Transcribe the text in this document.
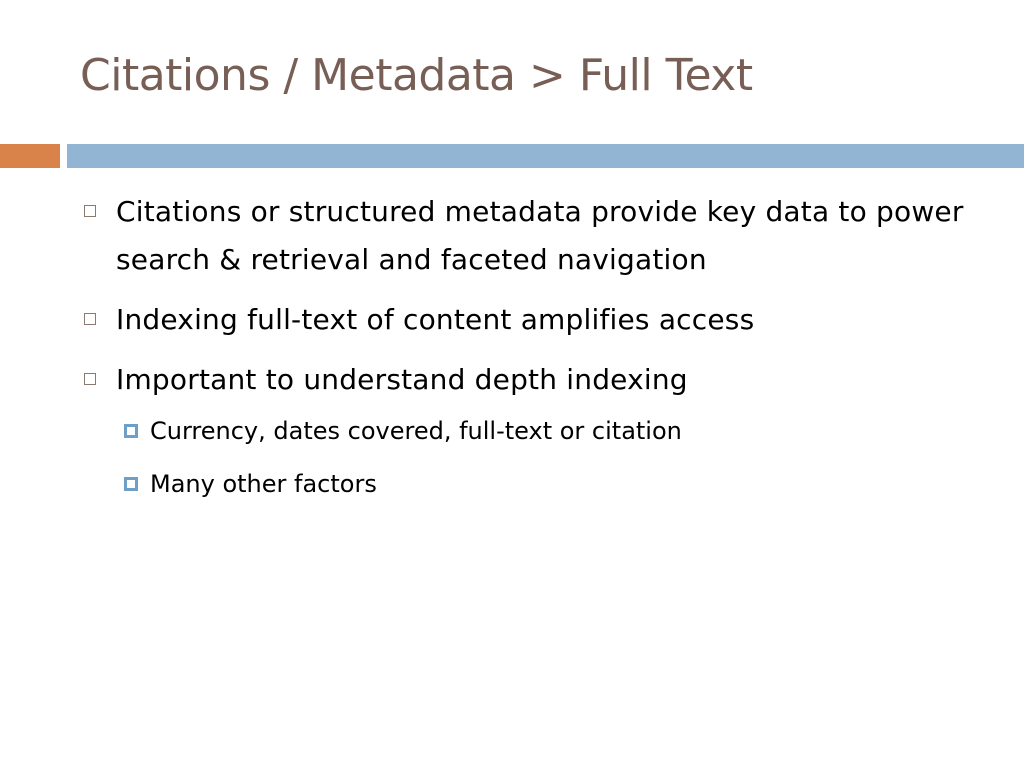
Citations / Metadata > Full Text
Citations or structured metadata provide key data to power search & retrieval and faceted navigation
Indexing full-text of content amplifies access
Important to understand depth indexing
Currency, dates covered, full-text or citation
Many other factors
